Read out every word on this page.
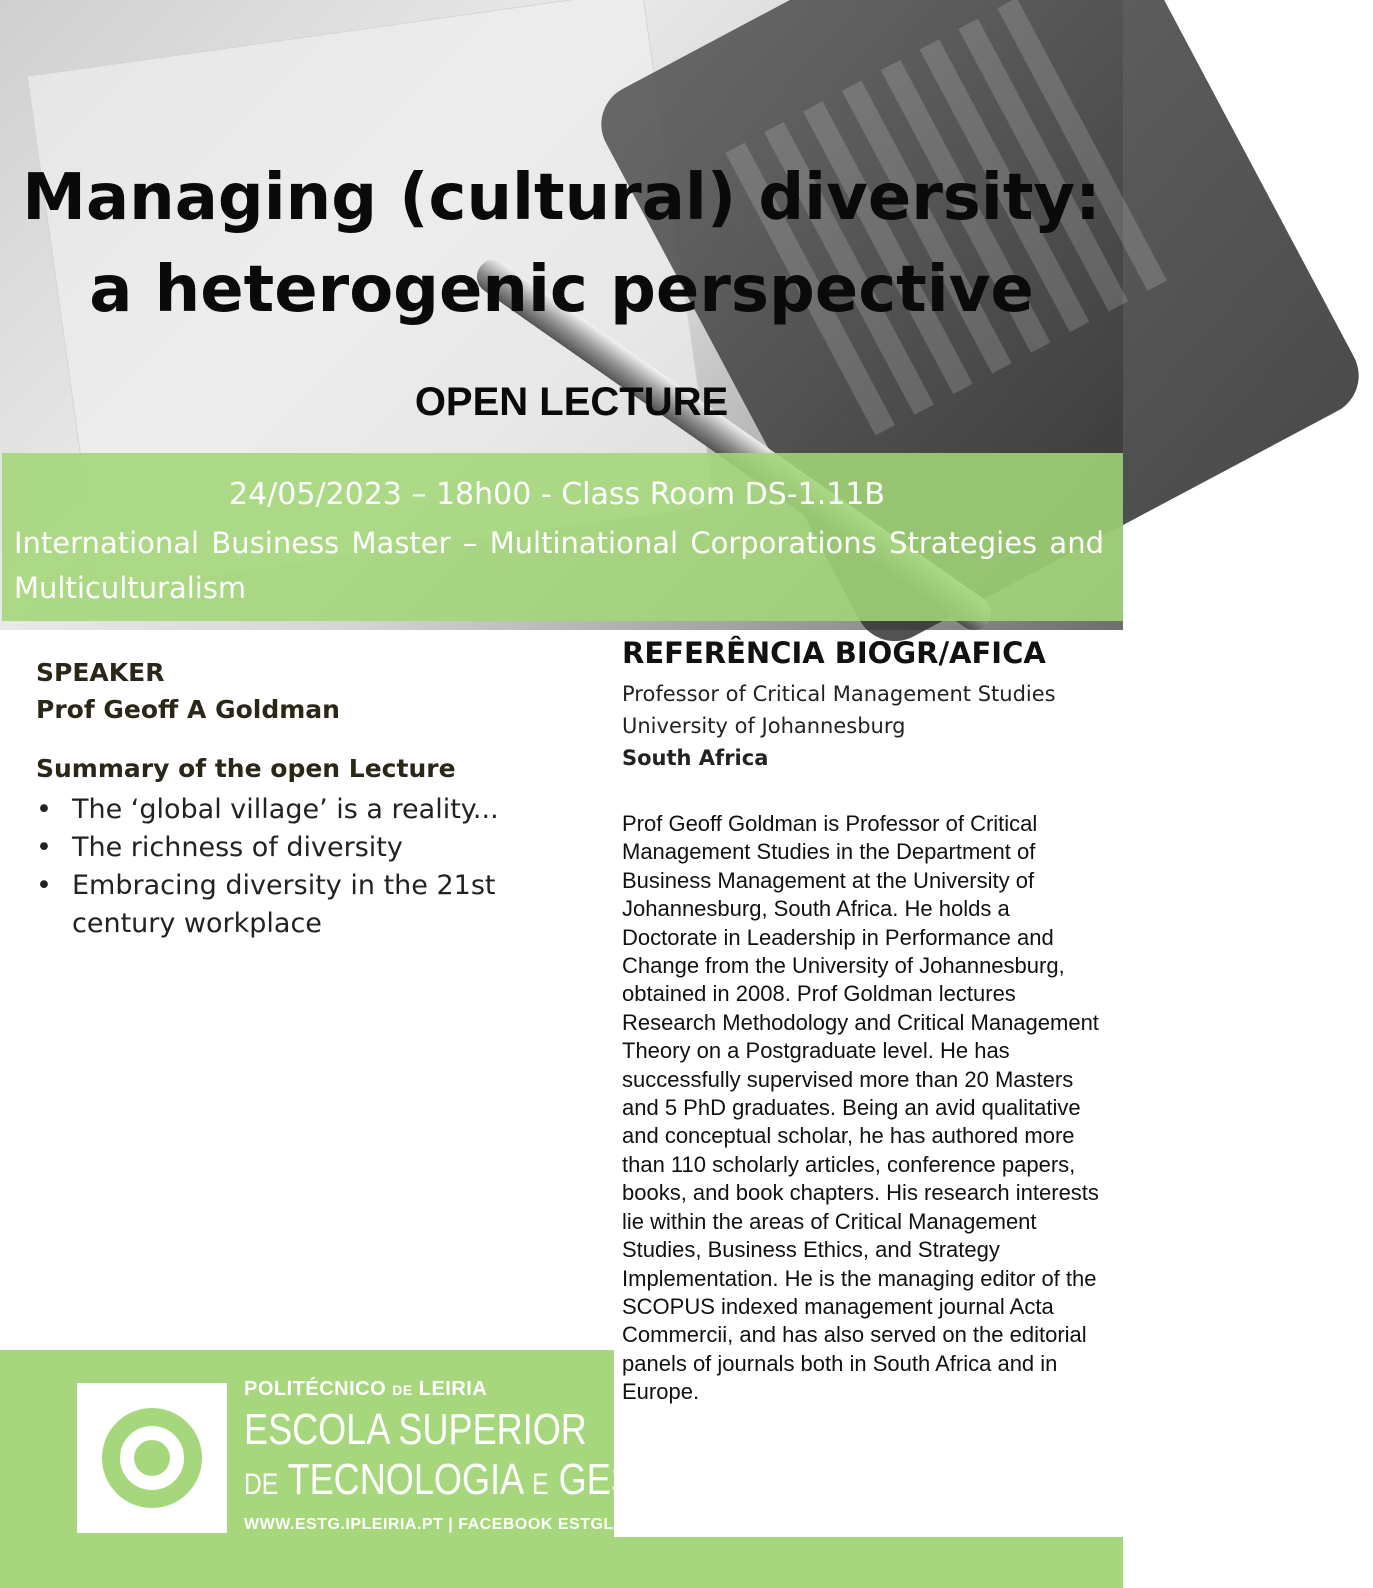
Managing (cultural) diversity:
a heterogenic perspective
OPEN LECTURE
24/05/2023 – 18h00 - Class Room DS-1.11B
International Business Master – Multinational Corporations Strategies and Multiculturalism
SPEAKER
Prof Geoff A Goldman
Summary of the open Lecture
• The ‘global village’ is a reality...
• The richness of diversity
• Embracing diversity in the 21st century workplace
REFERÊNCIA BIOGR/AFICA
Professor of Critical Management Studies
University of Johannesburg
South Africa
Prof Geoff Goldman is Professor of Critical Management Studies in the Department of Business Management at the University of Johannesburg, South Africa. He holds a Doctorate in Leadership in Performance and Change from the University of Johannesburg, obtained in 2008. Prof Goldman lectures Research Methodology and Critical Management Theory on a Postgraduate level. He has successfully supervised more than 20 Masters and 5 PhD graduates. Being an avid qualitative and conceptual scholar, he has authored more than 110 scholarly articles, conference papers, books, and book chapters. His research interests lie within the areas of Critical Management Studies, Business Ethics, and Strategy Implementation. He is the managing editor of the SCOPUS indexed management journal Acta Commercii, and has also served on the editorial panels of journals both in South Africa and in Europe.
POLITÉCNICO DE LEIRIA
ESCOLA SUPERIOR
DE TECNOLOGIA E GESTÃO
WWW.ESTG.IPLEIRIA.PT | FACEBOOK ESTGLeiria
